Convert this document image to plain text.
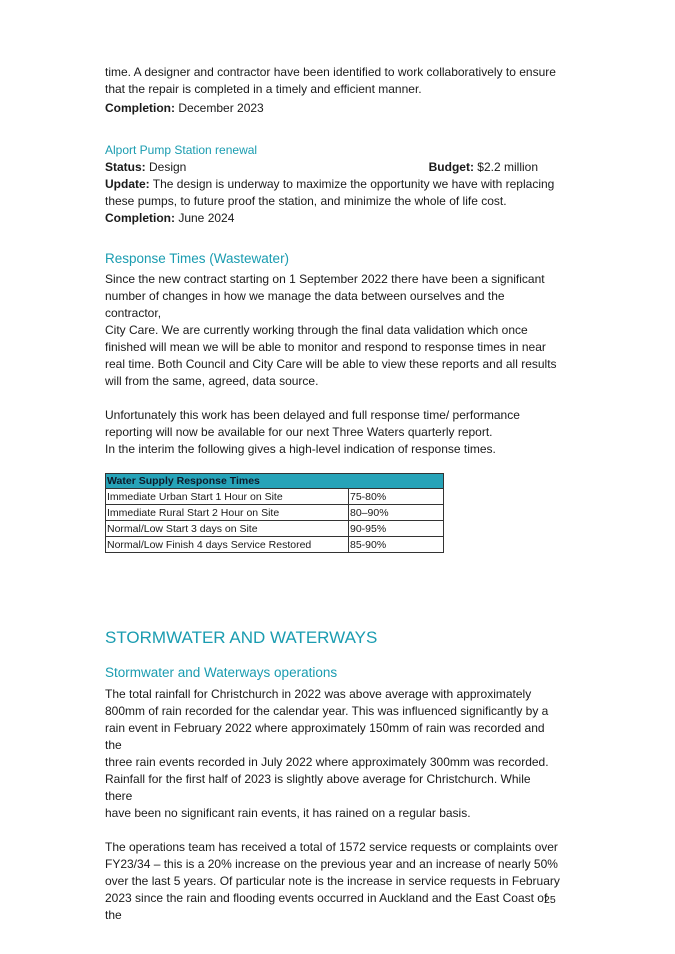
time. A designer and contractor have been identified to work collaboratively to ensure

that the repair is completed in a timely and efficient manner.

Completion: December 2023

Alport Pump Station renewal

Status: Design	Budget: $2.2 million

Update: The design is underway to maximize the opportunity we have with replacing

these pumps, to future proof the station, and minimize the whole of life cost.

Completion: June 2024

Response Times (Wastewater)

Since the new contract starting on 1 September 2022 there have been a significant

number of changes in how we manage the data between ourselves and the contractor,

City Care. We are currently working through the final data validation which once

finished will mean we will be able to monitor and respond to response times in near

real time. Both Council and City Care will be able to view these reports and all results

will from the same, agreed, data source.

Unfortunately this work has been delayed and full response time/ performance

reporting will now be available for our next Three Waters quarterly report.

In the interim the following gives a high-level indication of response times.

Water Supply Response Times	
Immediate Urban Start 1 Hour on Site	75-80%
Immediate Rural Start 2 Hour on Site	80–90%
Normal/Low Start 3 days on Site	90-95%
Normal/Low Finish 4 days Service Restored	85-90%
STORMWATER AND WATERWAYS
Stormwater and Waterways operations

The total rainfall for Christchurch in 2022 was above average with approximately

800mm of rain recorded for the calendar year. This was influenced significantly by a

rain event in February 2022 where approximately 150mm of rain was recorded and the

three rain events recorded in July 2022 where approximately 300mm was recorded.

Rainfall for the first half of 2023 is slightly above average for Christchurch. While there

have been no significant rain events, it has rained on a regular basis.

The operations team has received a total of 1572 service requests or complaints over

FY23/34 – this is a 20% increase on the previous year and an increase of nearly 50%

over the last 5 years. Of particular note is the increase in service requests in February

2023 since the rain and flooding events occurred in Auckland and the East Coast of the

25
